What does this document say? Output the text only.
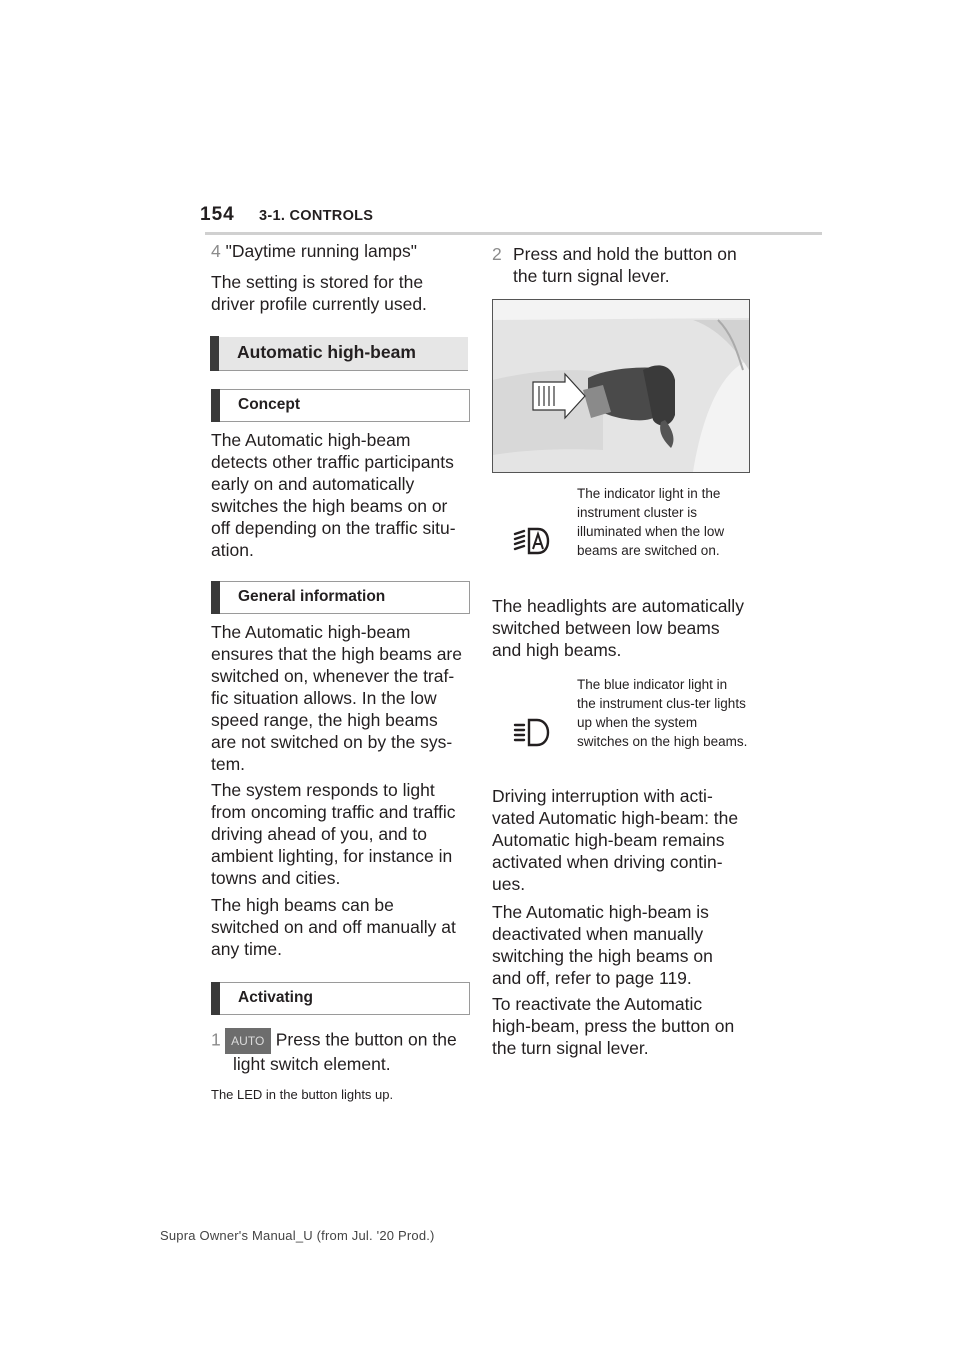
154 3-1. CONTROLS
4 "Daytime running lamps"
The setting is stored for the driver profile currently used.
Automatic high-beam
Concept
The Automatic high-beam detects other traffic participants early on and automatically switches the high beams on or off depending on the traffic situ-ation.
General information
The Automatic high-beam ensures that the high beams are switched on, whenever the traf-fic situation allows. In the low speed range, the high beams are not switched on by the sys-tem.
The system responds to light from oncoming traffic and traffic driving ahead of you, and to ambient lighting, for instance in towns and cities.
The high beams can be switched on and off manually at any time.
Activating
1 AUTO Press the button on the
light switch element.
The LED in the button lights up.
2 Press and hold the button on the turn signal lever.
The indicator light in the instrument cluster is illuminated when the low beams are switched on.
The headlights are automatically switched between low beams and high beams.
The blue indicator light in the instrument clus-ter lights up when the system switches on the high beams.
Driving interruption with acti-vated Automatic high-beam: the Automatic high-beam remains activated when driving contin-ues.
The Automatic high-beam is deactivated when manually switching the high beams on and off, refer to page 119.
To reactivate the Automatic high-beam, press the button on the turn signal lever.
Supra Owner's Manual_U (from Jul. '20 Prod.)
